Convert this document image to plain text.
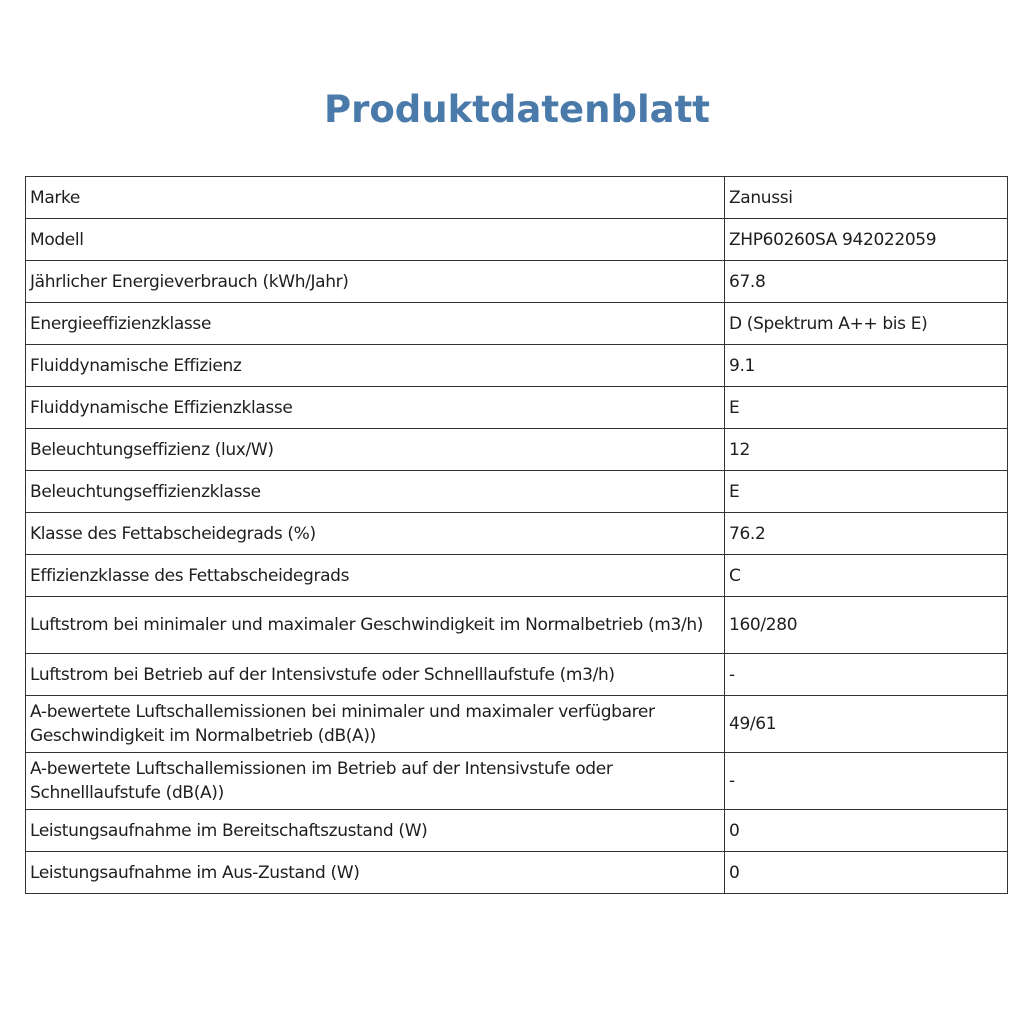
Produktdatenblatt
Marke	Zanussi
Modell	ZHP60260SA 942022059
Jährlicher Energieverbrauch (kWh/Jahr)	67.8
Energieeffizienzklasse	D (Spektrum A++ bis E)
Fluiddynamische Effizienz	9.1
Fluiddynamische Effizienzklasse	E
Beleuchtungseffizienz (lux/W)	12
Beleuchtungseffizienzklasse	E
Klasse des Fettabscheidegrads (%)	76.2
Effizienzklasse des Fettabscheidegrads	C
Luftstrom bei minimaler und maximaler Geschwindigkeit im Normalbetrieb (m3/h)	160/280
Luftstrom bei Betrieb auf der Intensivstufe oder Schnelllaufstufe (m3/h)	-
A-bewertete Luftschallemissionen bei minimaler und maximaler verfügbarer Geschwindigkeit im Normalbetrieb (dB(A))	49/61
A-bewertete Luftschallemissionen im Betrieb auf der Intensivstufe oder Schnelllaufstufe (dB(A))	-
Leistungsaufnahme im Bereitschaftszustand (W)	0
Leistungsaufnahme im Aus-Zustand (W)	0
